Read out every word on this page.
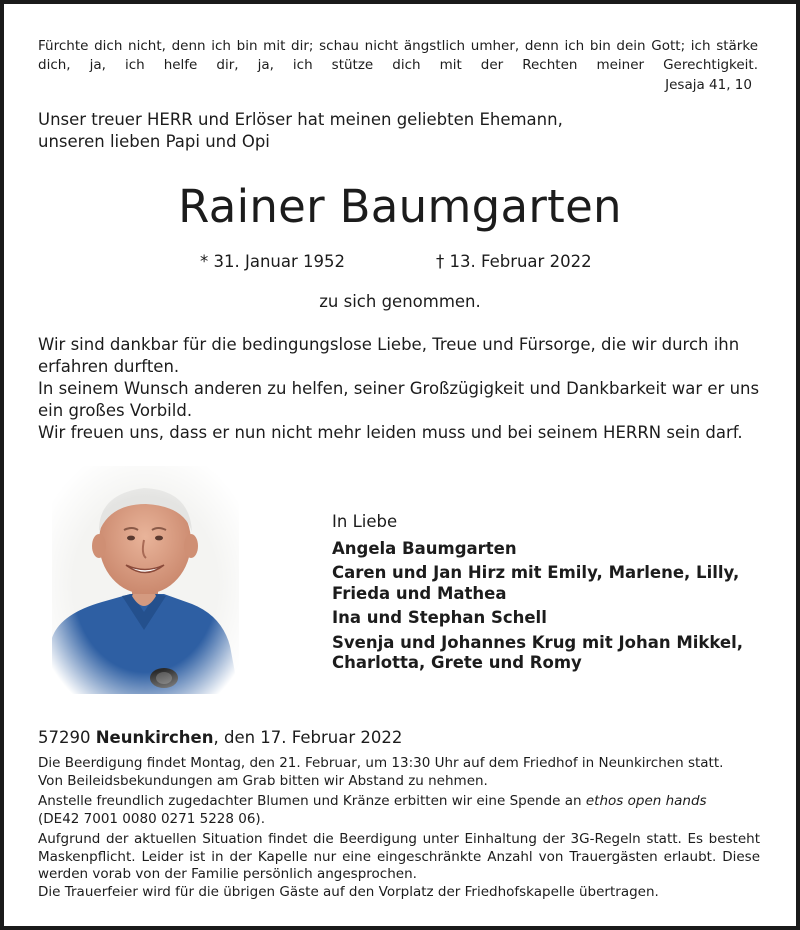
Fürchte dich nicht, denn ich bin mit dir; schau nicht ängstlich umher, denn ich bin dein Gott; ich stärke dich, ja, ich helfe dir, ja, ich stütze dich mit der Rechten meiner Gerechtigkeit.
Jesaja 41, 10
Unser treuer HERR und Erlöser hat meinen geliebten Ehemann,
unseren lieben Papi und Opi
Rainer Baumgarten
* 31. Januar 1952	† 13. Februar 2022
zu sich genommen.

Wir sind dankbar für die bedingungslose Liebe, Treue und Fürsorge, die wir durch ihn erfahren durften.

In seinem Wunsch anderen zu helfen, seiner Großzügigkeit und Dankbarkeit war er uns ein großes Vorbild.

Wir freuen uns, dass er nun nicht mehr leiden muss und bei seinem HERRN sein darf.

In Liebe

Angela Baumgarten

Caren und Jan Hirz mit Emily, Marlene, Lilly, Frieda und Mathea

Ina und Stephan Schell

Svenja und Johannes Krug mit Johan Mikkel, Charlotta, Grete und Romy

57290 Neunkirchen, den 17. Februar 2022

Die Beerdigung findet Montag, den 21. Februar, um 13:30 Uhr auf dem Friedhof in Neunkirchen statt.
Von Beileidsbekundungen am Grab bitten wir Abstand zu nehmen.

Anstelle freundlich zugedachter Blumen und Kränze erbitten wir eine Spende an ethos open hands
(DE42 7001 0080 0271 5228 06).

Aufgrund der aktuellen Situation findet die Beerdigung unter Einhaltung der 3G-Regeln statt. Es besteht Maskenpflicht. Leider ist in der Kapelle nur eine eingeschränkte Anzahl von Trauergästen erlaubt. Diese werden vorab von der Familie persönlich angesprochen.
Die Trauerfeier wird für die übrigen Gäste auf den Vorplatz der Friedhofskapelle übertragen.
